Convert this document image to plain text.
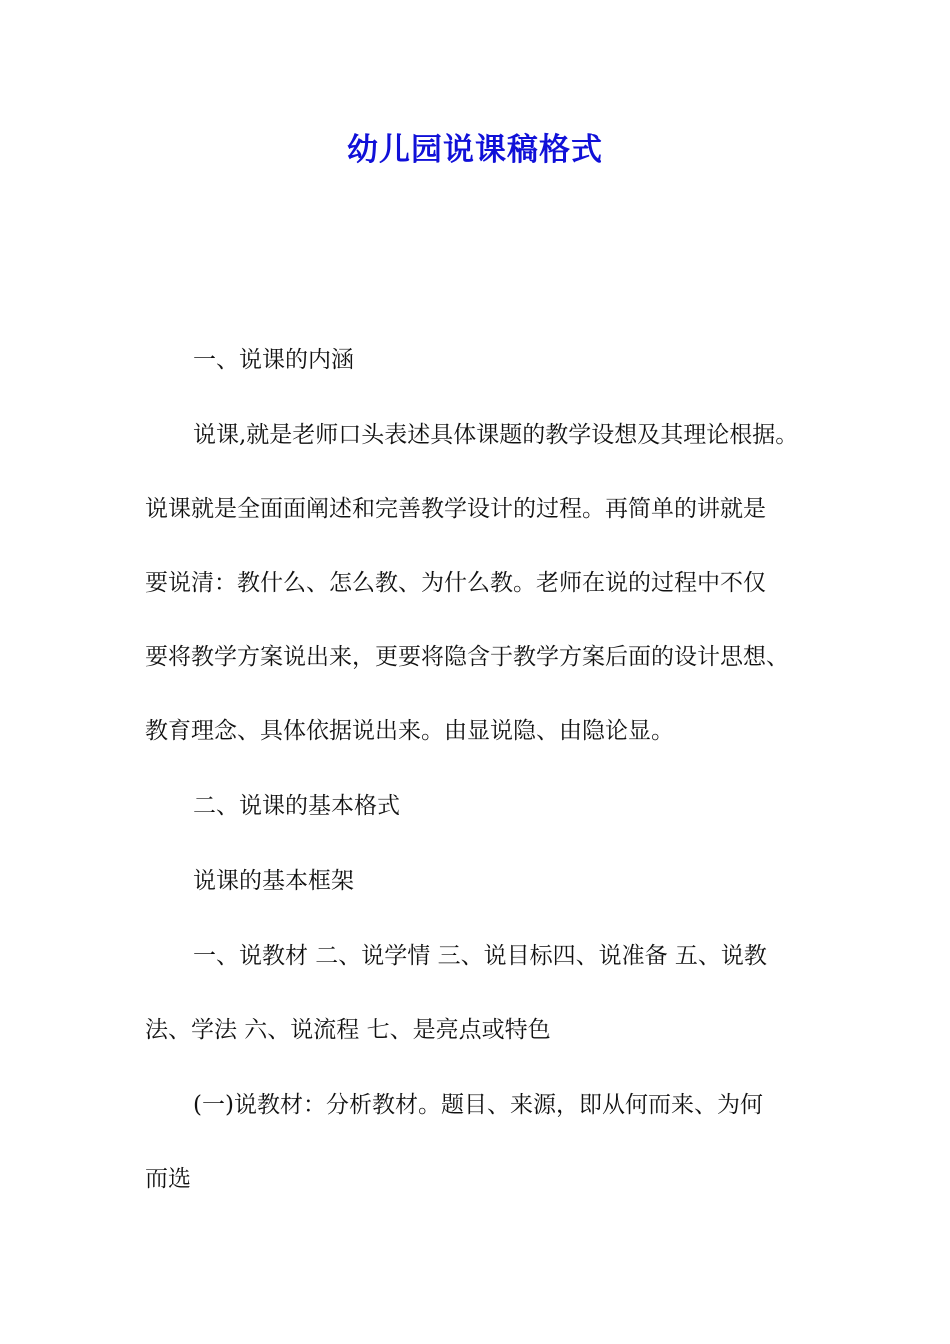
幼儿园说课稿格式
一、说课的内涵
说课,就是老师口头表述具体课题的教学设想及其理论根据。
说课就是全面面阐述和完善教学设计的过程。再简单的讲就是
要说清：教什么、怎么教、为什么教。老师在说的过程中不仅
要将教学方案说出来，更要将隐含于教学方案后面的设计思想、
教育理念、具体依据说出来。由显说隐、由隐论显。
二、说课的基本格式
说课的基本框架
一、说教材 二、说学情 三、说目标四、说准备 五、说教
法、学法 六、说流程 七、是亮点或特色
(一)说教材：分析教材。题目、来源，即从何而来、为何
而选
